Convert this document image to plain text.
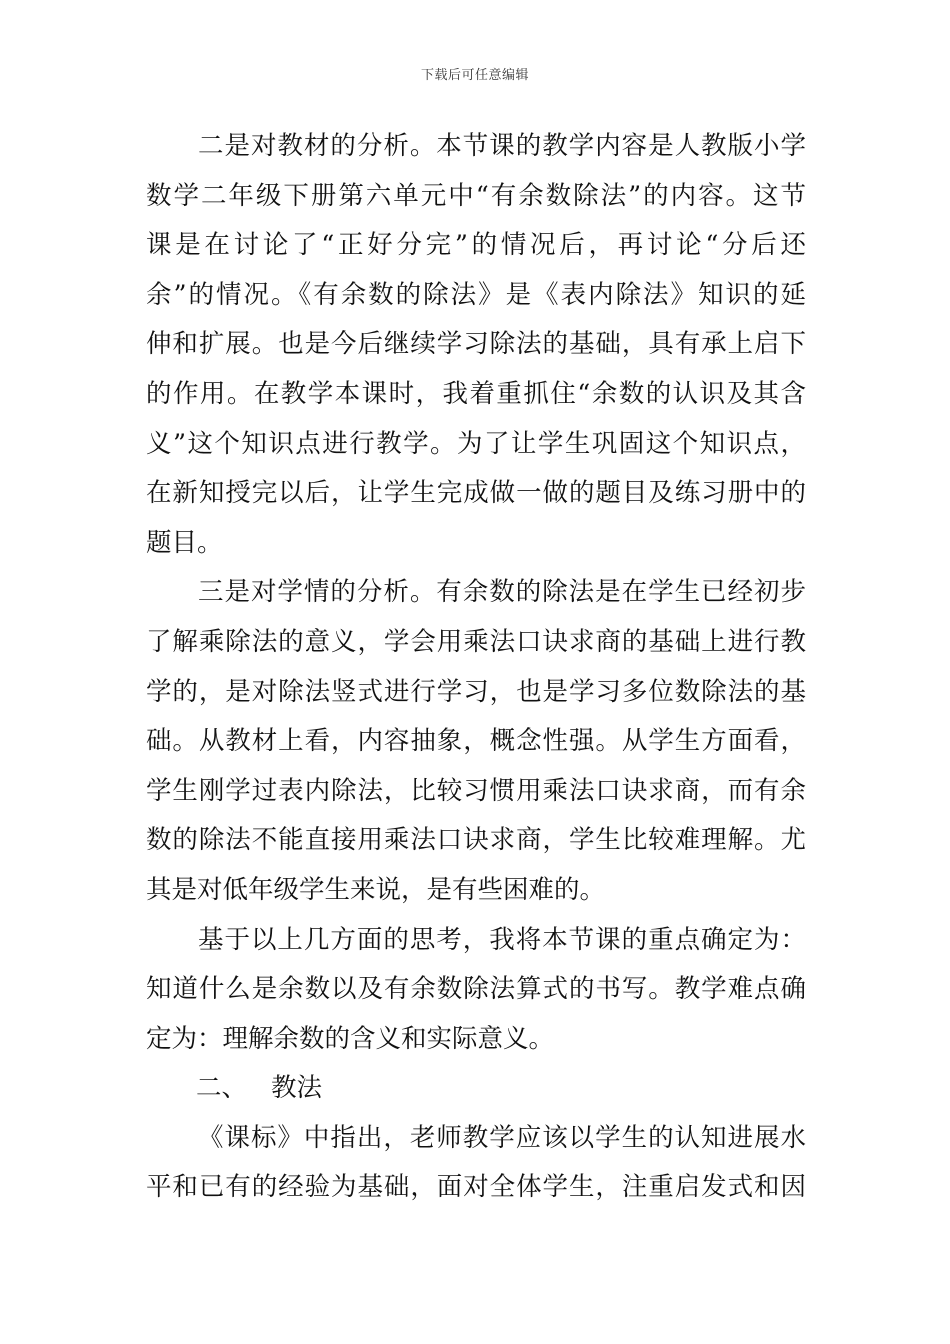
下载后可任意编辑
二是对教材的分析。本节课的教学内容是人教版小学
数学二年级下册第六单元中“有余数除法”的内容。这节
课是在讨论了“正好分完”的情况后，再讨论“分后还
余”的情况。《有余数的除法》是《表内除法》知识的延
伸和扩展。也是今后继续学习除法的基础，具有承上启下
的作用。在教学本课时，我着重抓住“余数的认识及其含
义”这个知识点进行教学。为了让学生巩固这个知识点，
在新知授完以后，让学生完成做一做的题目及练习册中的
题目。
三是对学情的分析。有余数的除法是在学生已经初步
了解乘除法的意义，学会用乘法口诀求商的基础上进行教
学的，是对除法竖式进行学习，也是学习多位数除法的基
础。从教材上看，内容抽象，概念性强。从学生方面看，
学生刚学过表内除法，比较习惯用乘法口诀求商，而有余
数的除法不能直接用乘法口诀求商，学生比较难理解。尤
其是对低年级学生来说，是有些困难的。
基于以上几方面的思考，我将本节课的重点确定为：
知道什么是余数以及有余数除法算式的书写。教学难点确
定为：理解余数的含义和实际意义。
二、 教法
《课标》中指出，老师教学应该以学生的认知进展水
平和已有的经验为基础，面对全体学生，注重启发式和因
